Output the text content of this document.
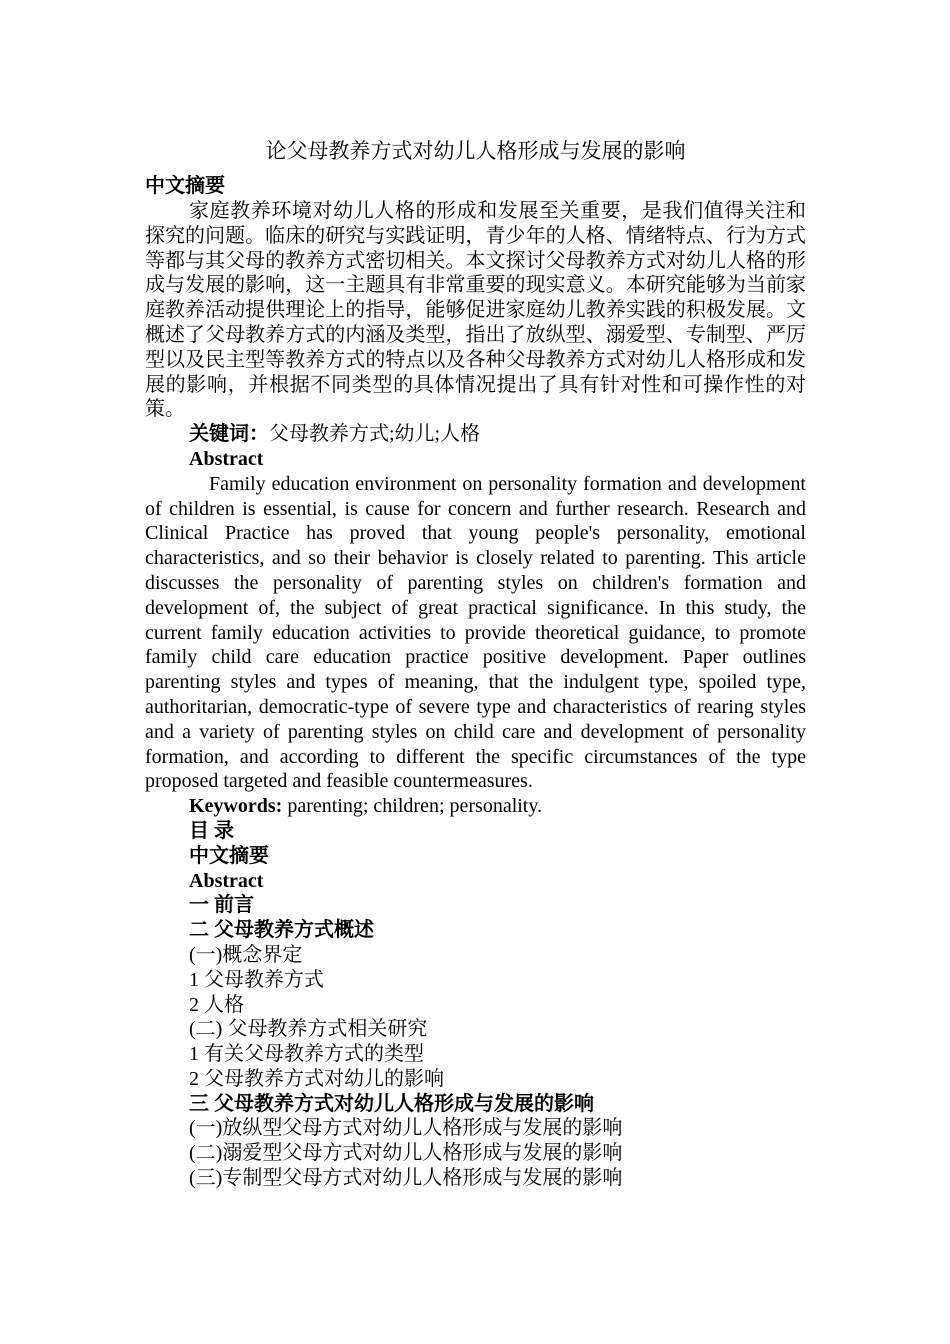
论父母教养方式对幼儿人格形成与发展的影响

中文摘要

家庭教养环境对幼儿人格的形成和发展至关重要，是我们值得关注和探究的问题。临床的研究与实践证明，青少年的人格、情绪特点、行为方式等都与其父母的教养方式密切相关。本文探讨父母教养方式对幼儿人格的形成与发展的影响，这一主题具有非常重要的现实意义。本研究能够为当前家庭教养活动提供理论上的指导，能够促进家庭幼儿教养实践的积极发展。文概述了父母教养方式的内涵及类型，指出了放纵型、溺爱型、专制型、严厉型以及民主型等教养方式的特点以及各种父母教养方式对幼儿人格形成和发展的影响，并根据不同类型的具体情况提出了具有针对性和可操作性的对策。

关键词：父母教养方式;幼儿;人格

Abstract

Family education environment on personality formation and development of children is essential, is cause for concern and further research. Research and Clinical Practice has proved that young people's personality, emotional characteristics, and so their behavior is closely related to parenting. This article discusses the personality of parenting styles on children's formation and development of, the subject of great practical significance. In this study, the current family education activities to provide theoretical guidance, to promote family child care education practice positive development. Paper outlines parenting styles and types of meaning, that the indulgent type, spoiled type, authoritarian, democratic-type of severe type and characteristics of rearing styles and a variety of parenting styles on child care and development of personality formation, and according to different the specific circumstances of the type proposed targeted and feasible countermeasures.

Keywords: parenting; children; personality.

目 录

中文摘要

Abstract

一 前言

二 父母教养方式概述

(一)概念界定

1 父母教养方式

2 人格

(二) 父母教养方式相关研究

1 有关父母教养方式的类型

2 父母教养方式对幼儿的影响

三 父母教养方式对幼儿人格形成与发展的影响

(一)放纵型父母方式对幼儿人格形成与发展的影响

(二)溺爱型父母方式对幼儿人格形成与发展的影响

(三)专制型父母方式对幼儿人格形成与发展的影响
